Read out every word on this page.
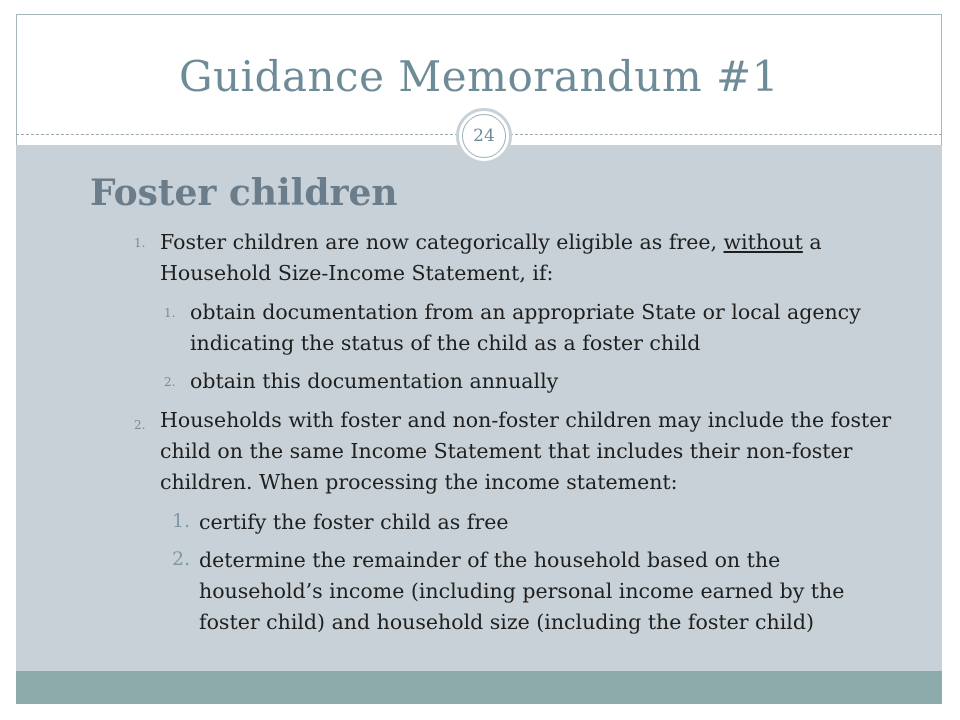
Guidance Memorandum #1
24
Foster children
1. Foster children are now categorically eligible as free, without a Household Size-Income Statement, if:
1. obtain documentation from an appropriate State or local agency indicating the status of the child as a foster child
2. obtain this documentation annually
2. Households with foster and non-foster children may include the foster child on the same Income Statement that includes their non-foster children. When processing the income statement:
1. certify the foster child as free
2. determine the remainder of the household based on the household’s income (including personal income earned by the foster child) and household size (including the foster child)
